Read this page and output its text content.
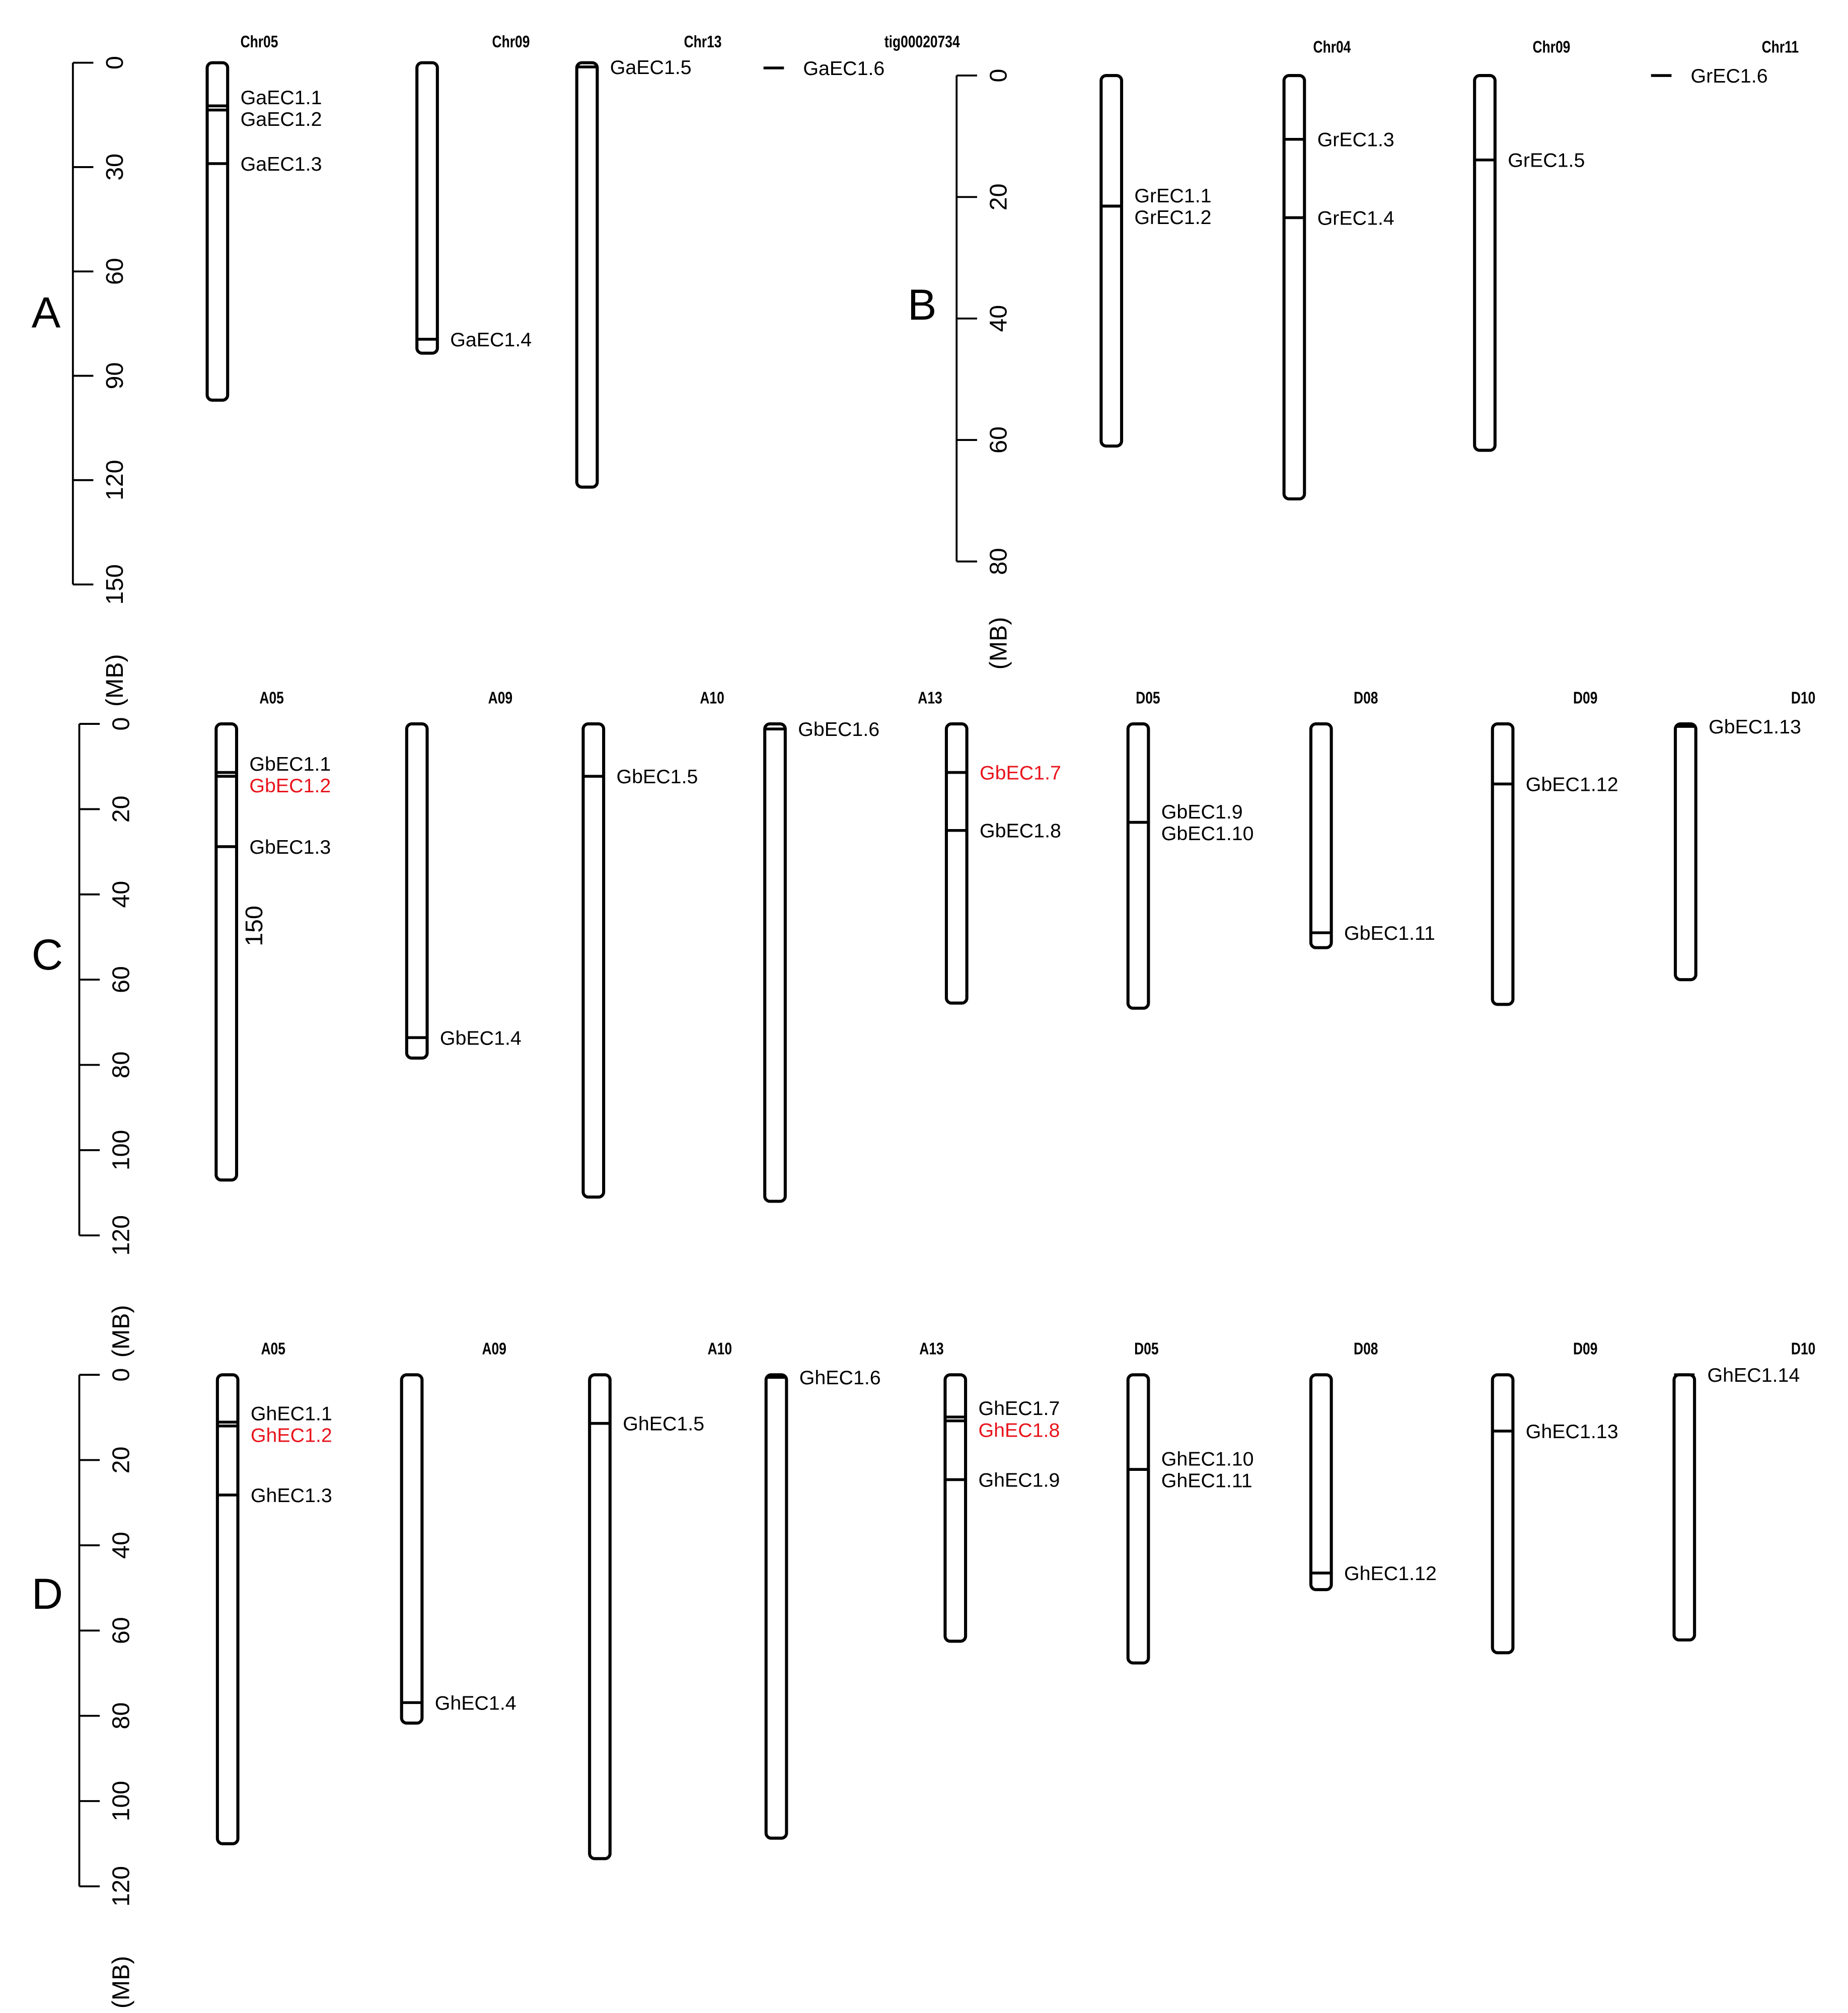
150
A
0
30
60
90
120
150
(MB)
Chr05
GaEC1.1
GaEC1.2
GaEC1.3
Chr09
GaEC1.4
Chr13
GaEC1.5
tig00020734
GaEC1.6
B
0
20
40
60
80
(MB)
Chr04
GrEC1.1
GrEC1.2
Chr09
GrEC1.3
GrEC1.4
Chr11
GrEC1.5
GrEC1.6
C
0
20
40
60
80
100
120
(MB)
A05
GbEC1.1
GbEC1.2
GbEC1.3
A09
GbEC1.4
A10
GbEC1.5
A13
GbEC1.6
D05
GbEC1.7
GbEC1.8
D08
GbEC1.9
GbEC1.10
D09
GbEC1.11
D10
GbEC1.12
GbEC1.13
D
0
20
40
60
80
100
120
(MB)
A05
GhEC1.1
GhEC1.2
GhEC1.3
A09
GhEC1.4
A10
GhEC1.5
A13
GhEC1.6
D05
GhEC1.7
GhEC1.8
GhEC1.9
D08
GhEC1.10
GhEC1.11
D09
GhEC1.12
D10
GhEC1.13
GhEC1.14
